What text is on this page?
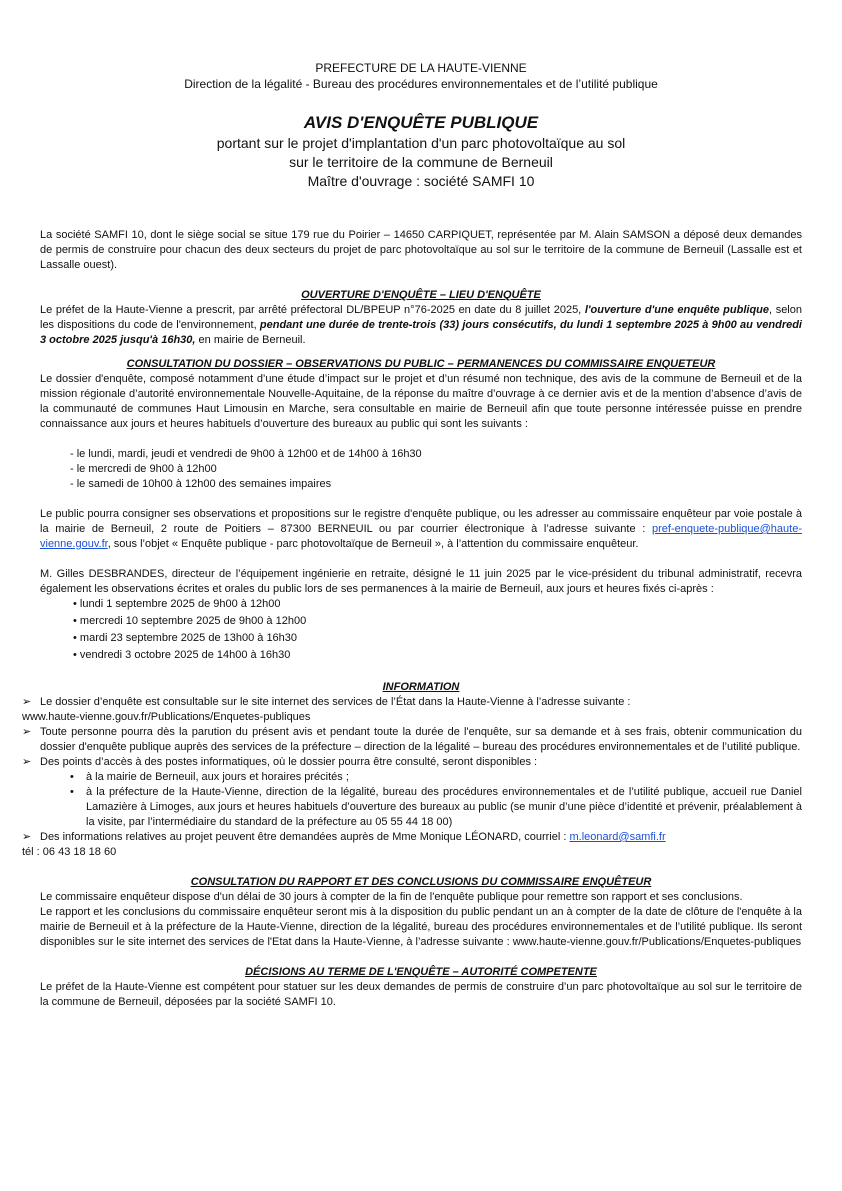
PREFECTURE DE LA HAUTE-VIENNE
Direction de la légalité - Bureau des procédures environnementales et de l’utilité publique
AVIS D'ENQUÊTE PUBLIQUE
portant sur le projet d'implantation d'un parc photovoltaïque au sol
sur le territoire de la commune de Berneuil
Maître d'ouvrage : société SAMFI 10

La société SAMFI 10, dont le siège social se situe 179 rue du Poirier – 14650 CARPIQUET, représentée par M. Alain SAMSON a déposé deux demandes de permis de construire pour chacun des deux secteurs du projet de parc photovoltaïque au sol sur le territoire de la commune de Berneuil (Lassalle est et Lassalle ouest).

OUVERTURE D'ENQUÊTE – LIEU D'ENQUÊTE

Le préfet de la Haute-Vienne a prescrit, par arrêté préfectoral DL/BPEUP n°76-2025 en date du 8 juillet 2025, l'ouverture d'une enquête publique, selon les dispositions du code de l'environnement, pendant une durée de trente-trois (33) jours consécutifs, du lundi 1 septembre 2025 à 9h00 au vendredi 3 octobre 2025 jusqu'à 16h30, en mairie de Berneuil.

CONSULTATION DU DOSSIER – OBSERVATIONS DU PUBLIC – PERMANENCES DU COMMISSAIRE ENQUETEUR

Le dossier d'enquête, composé notamment d’une étude d’impact sur le projet et d’un résumé non technique, des avis de la commune de Berneuil et de la mission régionale d’autorité environnementale Nouvelle-Aquitaine, de la réponse du maître d’ouvrage à ce dernier avis et de la mention d’absence d’avis de la communauté de communes Haut Limousin en Marche, sera consultable en mairie de Berneuil afin que toute personne intéressée puisse en prendre connaissance aux jours et heures habituels d’ouverture des bureaux au public qui sont les suivants :

- le lundi, mardi, jeudi et vendredi de 9h00 à 12h00 et de 14h00 à 16h30
- le mercredi de 9h00 à 12h00
- le samedi de 10h00 à 12h00 des semaines impaires

Le public pourra consigner ses observations et propositions sur le registre d'enquête publique, ou les adresser au commissaire enquêteur par voie postale à la mairie de Berneuil, 2 route de Poitiers – 87300 BERNEUIL ou par courrier électronique à l’adresse suivante : pref-enquete-publique@haute-vienne.gouv.fr, sous l’objet « Enquête publique - parc photovoltaïque de Berneuil », à l’attention du commissaire enquêteur.

M. Gilles DESBRANDES, directeur de l’équipement ingénierie en retraite, désigné le 11 juin 2025 par le vice-président du tribunal administratif, recevra également les observations écrites et orales du public lors de ses permanences à la mairie de Berneuil, aux jours et heures fixés ci-après :

• lundi 1 septembre 2025 de 9h00 à 12h00
• mercredi 10 septembre 2025 de 9h00 à 12h00
• mardi 23 septembre 2025 de 13h00 à 16h30
• vendredi 3 octobre 2025 de 14h00 à 16h30

INFORMATION

➢ Le dossier d’enquête est consultable sur le site internet des services de l’État dans la Haute-Vienne à l’adresse suivante :
www.haute-vienne.gouv.fr/Publications/Enquetes-publiques
➢ Toute personne pourra dès la parution du présent avis et pendant toute la durée de l'enquête, sur sa demande et à ses frais, obtenir communication du dossier d'enquête publique auprès des services de la préfecture – direction de la légalité – bureau des procédures environnementales et de l’utilité publique.
➢ Des points d’accès à des postes informatiques, où le dossier pourra être consulté, seront disponibles :
• à la mairie de Berneuil, aux jours et horaires précités ;
• à la préfecture de la Haute-Vienne, direction de la légalité, bureau des procédures environnementales et de l’utilité publique, accueil rue Daniel Lamazière à Limoges, aux jours et heures habituels d’ouverture des bureaux au public (se munir d’une pièce d’identité et prévenir, préalablement à la visite, par l’intermédiaire du standard de la préfecture au 05 55 44 18 00)
➢ Des informations relatives au projet peuvent être demandées auprès de Mme Monique LÉONARD, courriel : m.leonard@samfi.fr
tél : 06 43 18 18 60

CONSULTATION DU RAPPORT ET DES CONCLUSIONS DU COMMISSAIRE ENQUÊTEUR

Le commissaire enquêteur dispose d'un délai de 30 jours à compter de la fin de l'enquête publique pour remettre son rapport et ses conclusions.

Le rapport et les conclusions du commissaire enquêteur seront mis à la disposition du public pendant un an à compter de la date de clôture de l'enquête à la mairie de Berneuil et à la préfecture de la Haute-Vienne, direction de la légalité, bureau des procédures environnementales et de l’utilité publique. Ils seront disponibles sur le site internet des services de l'Etat dans la Haute-Vienne, à l’adresse suivante : www.haute-vienne.gouv.fr/Publications/Enquetes-publiques

DÉCISIONS AU TERME DE L'ENQUÊTE – AUTORITÉ COMPETENTE

Le préfet de la Haute-Vienne est compétent pour statuer sur les deux demandes de permis de construire d’un parc photovoltaïque au sol sur le territoire de la commune de Berneuil, déposées par la société SAMFI 10.
